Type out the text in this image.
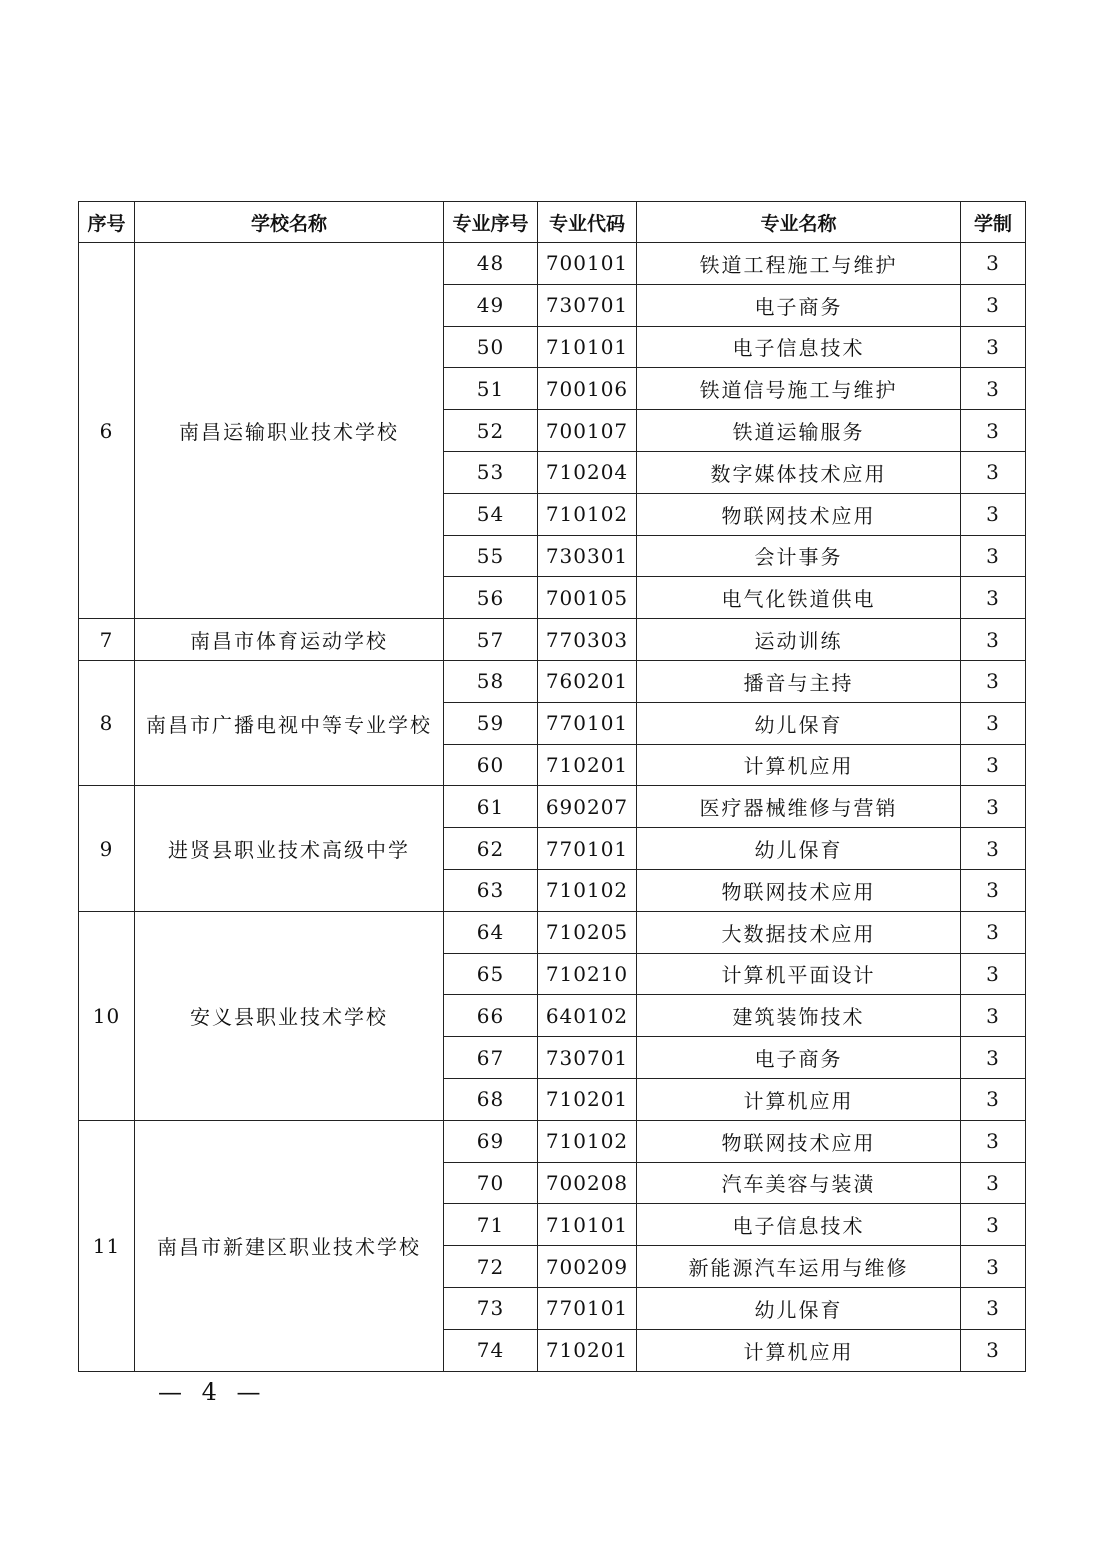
序号	学校名称	专业序号	专业代码	专业名称	学制
6	南昌运输职业技术学校	48	700101	铁道工程施工与维护	3
		49	730701	电子商务	3
		50	710101	电子信息技术	3
		51	700106	铁道信号施工与维护	3
		52	700107	铁道运输服务	3
		53	710204	数字媒体技术应用	3
		54	710102	物联网技术应用	3
		55	730301	会计事务	3
		56	700105	电气化铁道供电	3
7	南昌市体育运动学校	57	770303	运动训练	3
8	南昌市广播电视中等专业学校	58	760201	播音与主持	3
		59	770101	幼儿保育	3
		60	710201	计算机应用	3
9	进贤县职业技术高级中学	61	690207	医疗器械维修与营销	3
		62	770101	幼儿保育	3
		63	710102	物联网技术应用	3
10	安义县职业技术学校	64	710205	大数据技术应用	3
		65	710210	计算机平面设计	3
		66	640102	建筑装饰技术	3
		67	730701	电子商务	3
		68	710201	计算机应用	3
11	南昌市新建区职业技术学校	69	710102	物联网技术应用	3
		70	700208	汽车美容与装潢	3
		71	710101	电子信息技术	3
		72	700209	新能源汽车运用与维修	3
		73	770101	幼儿保育	3
		74	710201	计算机应用	3
— 4 —
